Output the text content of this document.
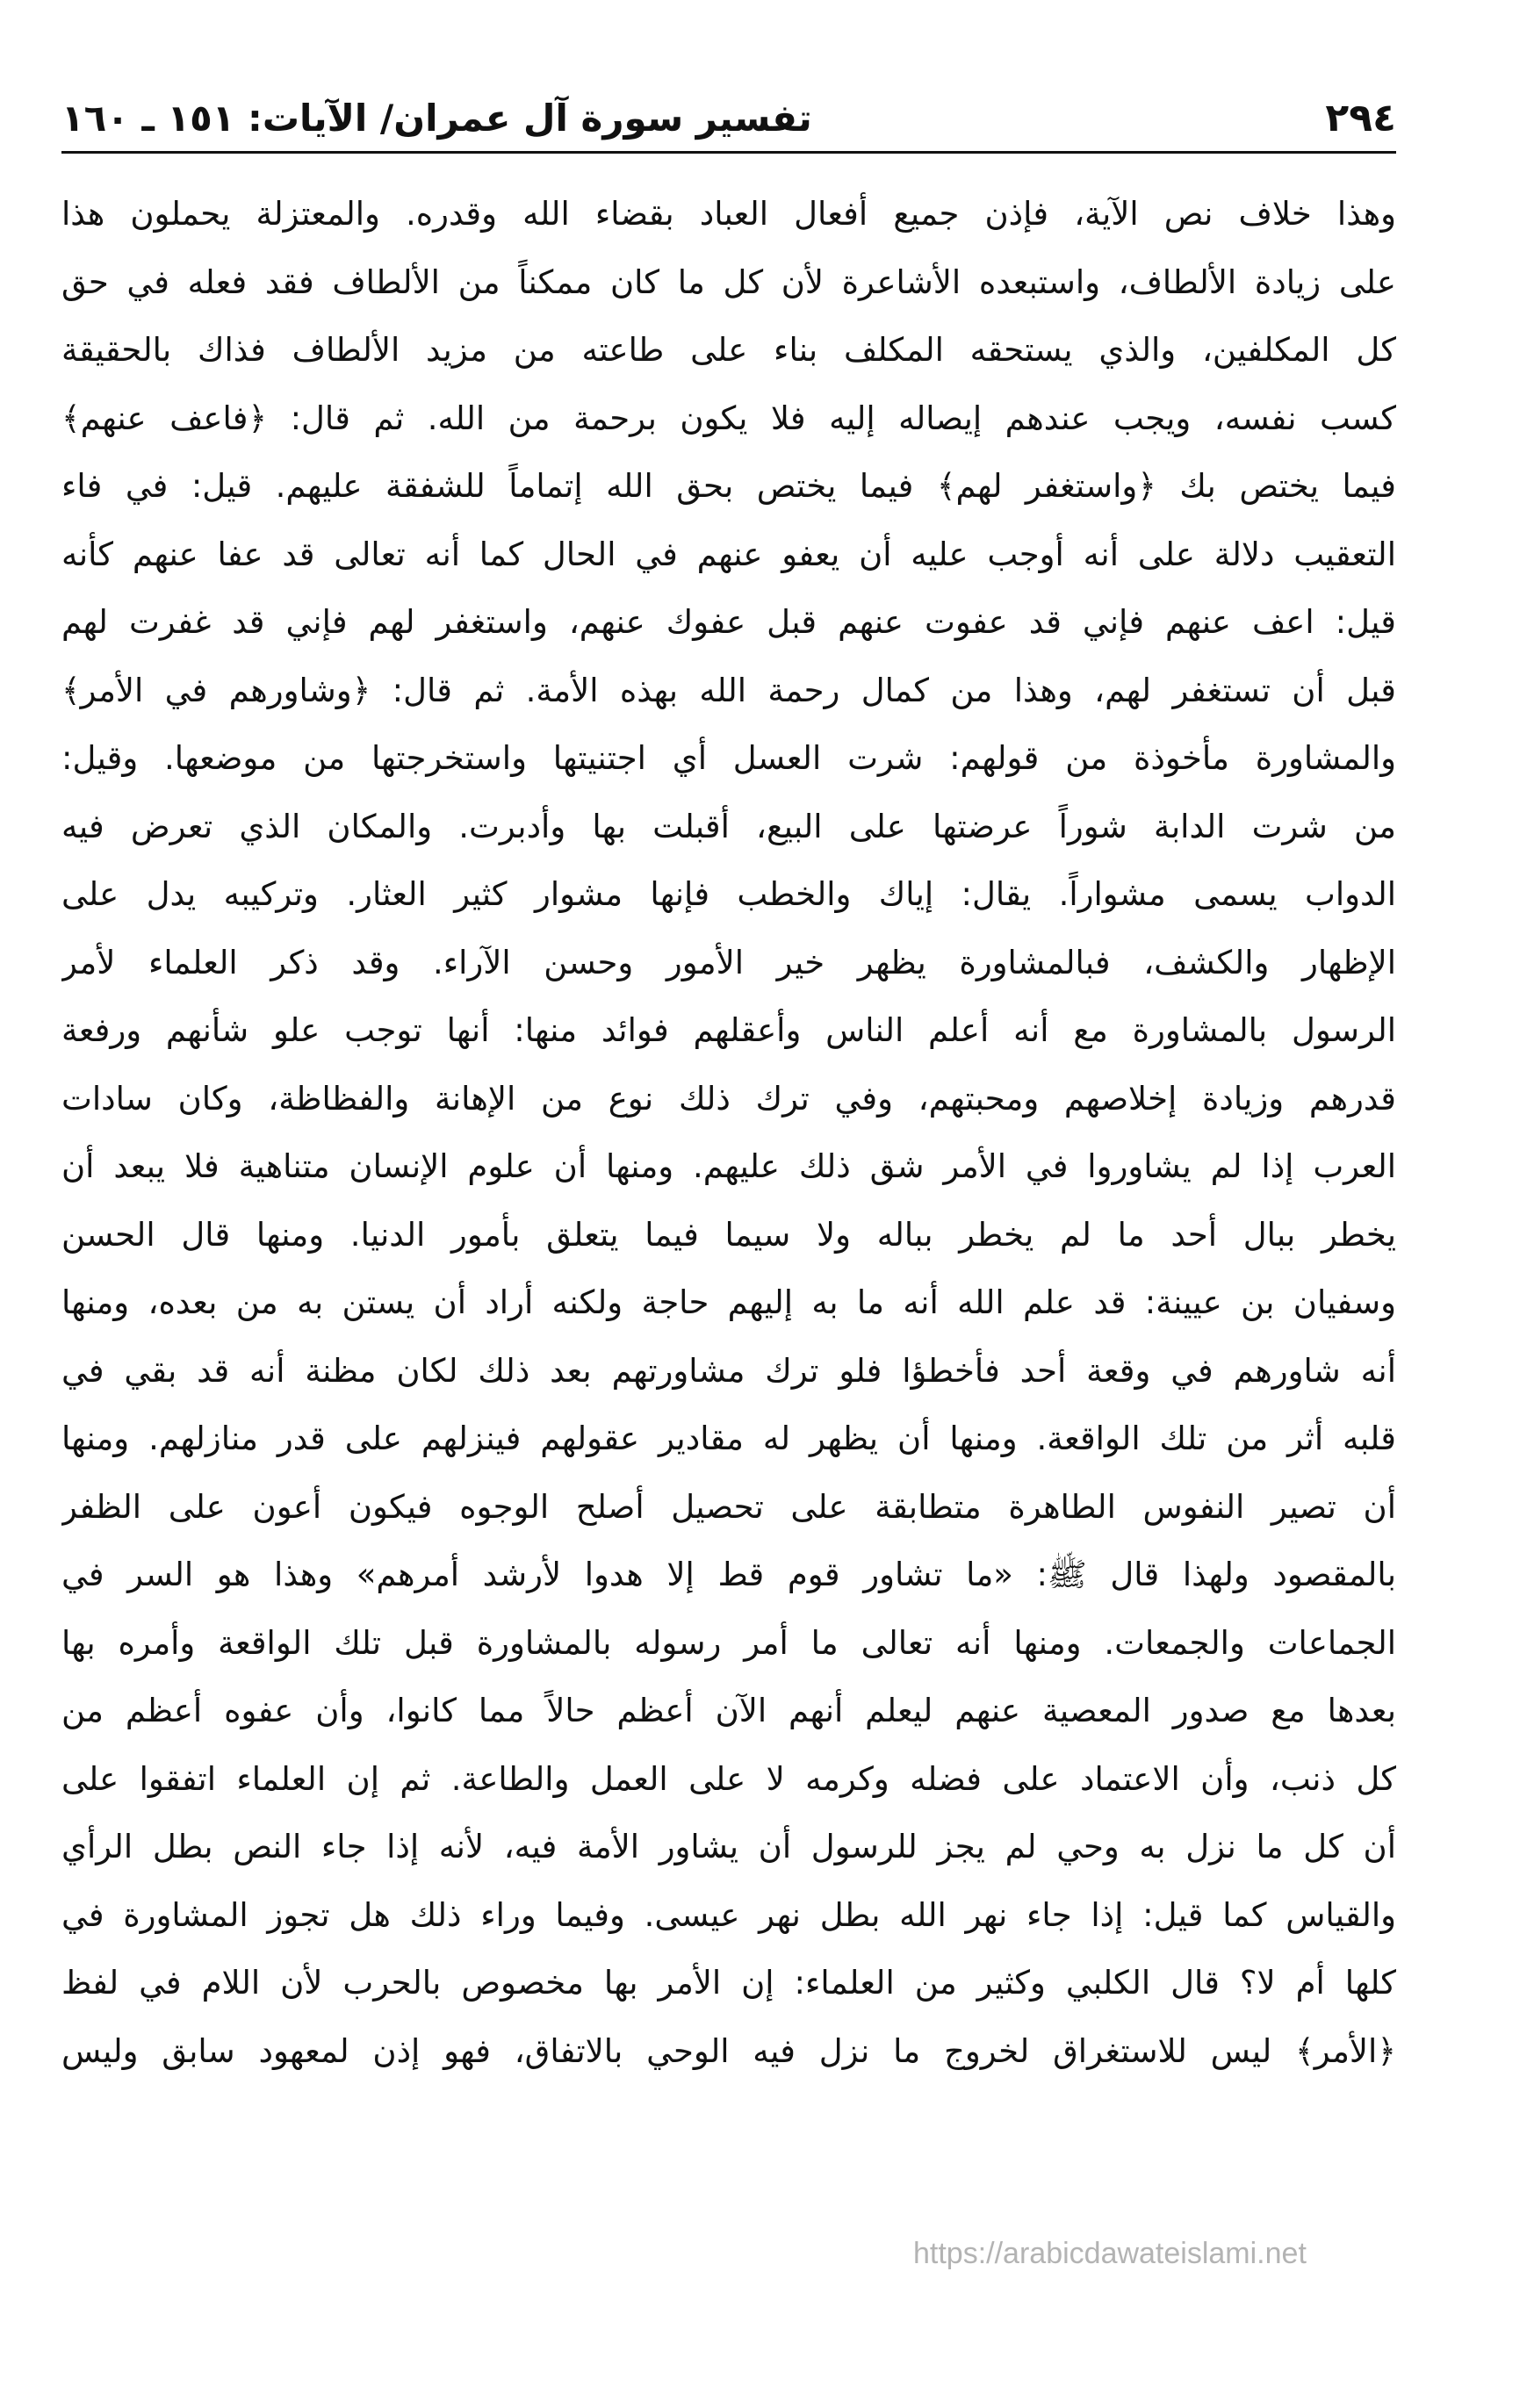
٢٩٤
تفسير سورة آل عمران/ الآيات: ١٥١ ـ ١٦٠
وهذا خلاف نص الآية، فإذن جميع أفعال العباد بقضاء الله وقدره. والمعتزلة يحملون هذا
على زيادة الألطاف، واستبعده الأشاعرة لأن كل ما كان ممكناً من الألطاف فقد فعله في حق
كل المكلفين، والذي يستحقه المكلف بناء على طاعته من مزيد الألطاف فذاك بالحقيقة
كسب نفسه، ويجب عندهم إيصاله إليه فلا يكون برحمة من الله. ثم قال: ﴿فاعف عنهم﴾
فيما يختص بك ﴿واستغفر لهم﴾ فيما يختص بحق الله إتماماً للشفقة عليهم. قيل: في فاء
التعقيب دلالة على أنه أوجب عليه أن يعفو عنهم في الحال كما أنه تعالى قد عفا عنهم كأنه
قيل: اعف عنهم فإني قد عفوت عنهم قبل عفوك عنهم، واستغفر لهم فإني قد غفرت لهم
قبل أن تستغفر لهم، وهذا من كمال رحمة الله بهذه الأمة. ثم قال: ﴿وشاورهم في الأمر﴾
والمشاورة مأخوذة من قولهم: شرت العسل أي اجتنيتها واستخرجتها من موضعها. وقيل:
من شرت الدابة شوراً عرضتها على البيع، أقبلت بها وأدبرت. والمكان الذي تعرض فيه
الدواب يسمى مشواراً. يقال: إياك والخطب فإنها مشوار كثير العثار. وتركيبه يدل على
الإظهار والكشف، فبالمشاورة يظهر خير الأمور وحسن الآراء. وقد ذكر العلماء لأمر
الرسول بالمشاورة مع أنه أعلم الناس وأعقلهم فوائد منها: أنها توجب علو شأنهم ورفعة
قدرهم وزيادة إخلاصهم ومحبتهم، وفي ترك ذلك نوع من الإهانة والفظاظة، وكان سادات
العرب إذا لم يشاوروا في الأمر شق ذلك عليهم. ومنها أن علوم الإنسان متناهية فلا يبعد أن
يخطر ببال أحد ما لم يخطر بباله ولا سيما فيما يتعلق بأمور الدنيا. ومنها قال الحسن
وسفيان بن عيينة: قد علم الله أنه ما به إليهم حاجة ولكنه أراد أن يستن به من بعده، ومنها
أنه شاورهم في وقعة أحد فأخطؤا فلو ترك مشاورتهم بعد ذلك لكان مظنة أنه قد بقي في
قلبه أثر من تلك الواقعة. ومنها أن يظهر له مقادير عقولهم فينزلهم على قدر منازلهم. ومنها
أن تصير النفوس الطاهرة متطابقة على تحصيل أصلح الوجوه فيكون أعون على الظفر
بالمقصود ولهذا قال ﷺ: «ما تشاور قوم قط إلا هدوا لأرشد أمرهم» وهذا هو السر في
الجماعات والجمعات. ومنها أنه تعالى ما أمر رسوله بالمشاورة قبل تلك الواقعة وأمره بها
بعدها مع صدور المعصية عنهم ليعلم أنهم الآن أعظم حالاً مما كانوا، وأن عفوه أعظم من
كل ذنب، وأن الاعتماد على فضله وكرمه لا على العمل والطاعة. ثم إن العلماء اتفقوا على
أن كل ما نزل به وحي لم يجز للرسول أن يشاور الأمة فيه، لأنه إذا جاء النص بطل الرأي
والقياس كما قيل: إذا جاء نهر الله بطل نهر عيسى. وفيما وراء ذلك هل تجوز المشاورة في
كلها أم لا؟ قال الكلبي وكثير من العلماء: إن الأمر بها مخصوص بالحرب لأن اللام في لفظ
﴿الأمر﴾ ليس للاستغراق لخروج ما نزل فيه الوحي بالاتفاق، فهو إذن لمعهود سابق وليس
https://arabicdawateislami.net
